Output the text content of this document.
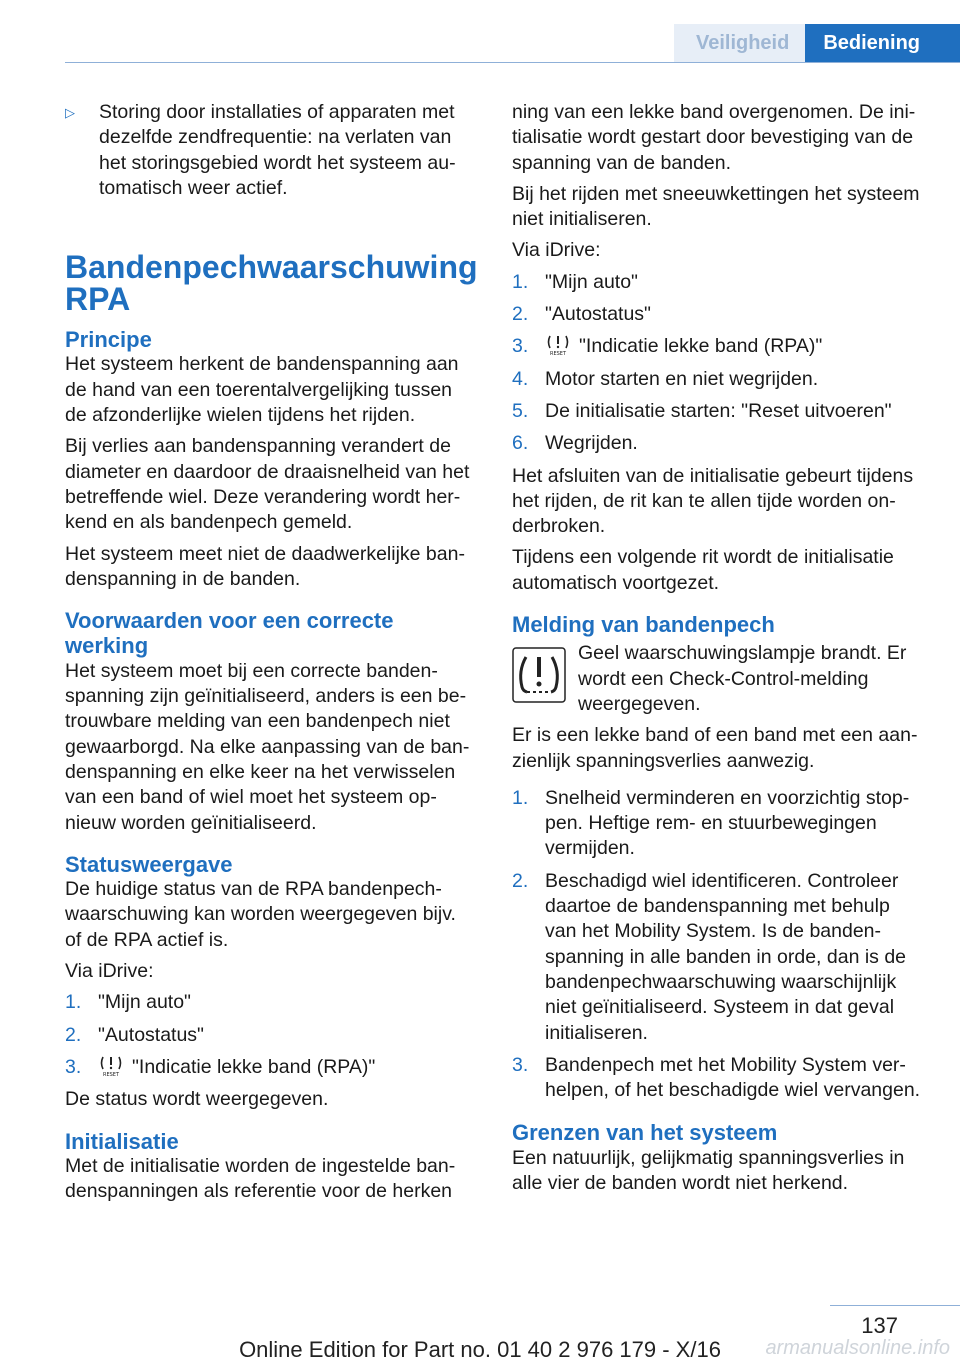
Veiligheid	Bediening

▷ Storing door installaties of apparaten met dezelfde zendfrequentie: na verlaten van het storingsgebied wordt het systeem automatisch weer actief.

Bandenpechwaarschuwing
RPA
Principe

Het systeem herkent de bandenspanning aan de hand van een toerentalvergelijking tussen de afzonderlijke wielen tijdens het rijden.

Bij verlies aan bandenspanning verandert de diameter en daardoor de draaisnelheid van het betreffende wiel. Deze verandering wordt herkend en als bandenpech gemeld.

Het systeem meet niet de daadwerkelijke bandenspanning in de banden.

Voorwaarden voor een correcte werking

Het systeem moet bij een correcte bandenspanning zijn geïnitialiseerd, anders is een betrouwbare melding van een bandenpech niet gewaarborgd. Na elke aanpassing van de bandenspanning en elke keer na het verwisselen van een band of wiel moet het systeem opnieuw worden geïnitialiseerd.

Statusweergave

De huidige status van de RPA bandenpechwaarschuwing kan worden weergegeven bijv. of de RPA actief is.

Via iDrive:

1. "Mijn auto"
2. "Autostatus"
3.	RESET "Indicatie lekke band (RPA)"

De status wordt weergegeven.

Initialisatie

Met de initialisatie worden de ingestelde bandenspanningen als referentie voor de herken

ning van een lekke band overgenomen. De initialisatie wordt gestart door bevestiging van de spanning van de banden.

Bij het rijden met sneeuwkettingen het systeem niet initialiseren.

Via iDrive:

1. "Mijn auto"
2. "Autostatus"
3.	RESET "Indicatie lekke band (RPA)"
4. Motor starten en niet wegrijden.
5. De initialisatie starten: "Reset uitvoeren"
6. Wegrijden.

Het afsluiten van de initialisatie gebeurt tijdens het rijden, de rit kan te allen tijde worden onderbroken.

Tijdens een volgende rit wordt de initialisatie automatisch voortgezet.

Melding van bandenpech
Geel waarschuwingslampje brandt. Er wordt een Check-Control-melding weergegeven.

Er is een lekke band of een band met een aanzienlijk spanningsverlies aanwezig.

1. Snelheid verminderen en voorzichtig stoppen. Heftige rem- en stuurbewegingen vermijden.
2. Beschadigd wiel identificeren. Controleer daartoe de bandenspanning met behulp van het Mobility System. Is de bandenspanning in alle banden in orde, dan is de bandenpechwaarschuwing waarschijnlijk niet geïnitialiseerd. Systeem in dat geval initialiseren.
3. Bandenpech met het Mobility System verhelpen, of het beschadigde wiel vervangen.
Grenzen van het systeem

Een natuurlijk, gelijkmatig spanningsverlies in alle vier de banden wordt niet herkend.

137
Online Edition for Part no. 01 40 2 976 179 - X/16	armanualsonline.info
